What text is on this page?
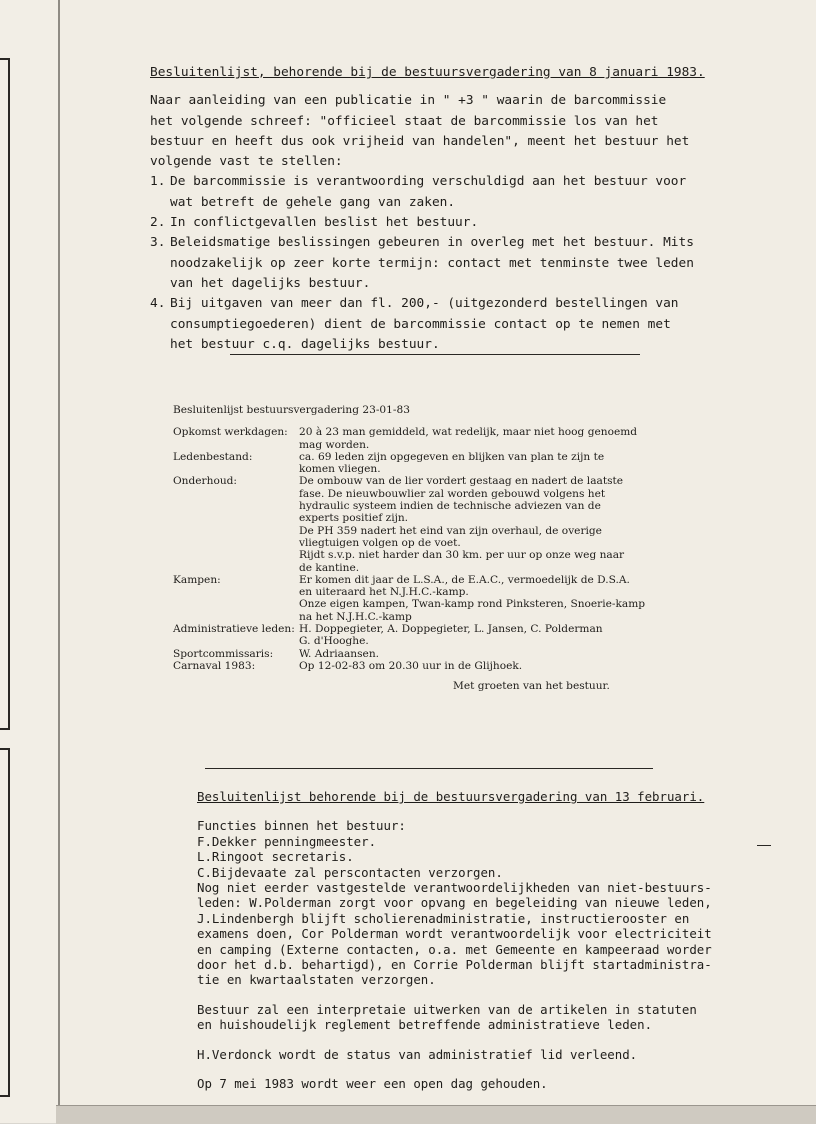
Besluitenlijst, behorende bij de bestuursvergadering van 8 januari 1983.
Naar aanleiding van een publicatie in " +3 " waarin de barcommissie
het volgende schreef: "officieel staat de barcommissie los van het
bestuur en heeft dus ook vrijheid van handelen", meent het bestuur het
volgende vast te stellen:
1. De barcommissie is verantwoording verschuldigd aan het bestuur voor
wat betreft de gehele gang van zaken.
2. In conflictgevallen beslist het bestuur.
3. Beleidsmatige beslissingen gebeuren in overleg met het bestuur. Mits
noodzakelijk op zeer korte termijn: contact met tenminste twee leden
van het dagelijks bestuur.
4. Bij uitgaven van meer dan fl. 200,- (uitgezonderd bestellingen van
consumptiegoederen) dient de barcommissie contact op te nemen met
het bestuur c.q. dagelijks bestuur.
Besluitenlijst bestuursvergadering 23-01-83
Opkomst werkdagen:	20 à 23 man gemiddeld, wat redelijk, maar niet hoog genoemd
mag worden.
Ledenbestand:	ca. 69 leden zijn opgegeven en blijken van plan te zijn te
komen vliegen.
Onderhoud:	De ombouw van de lier vordert gestaag en nadert de laatste
fase. De nieuwbouwlier zal worden gebouwd volgens het
hydraulic systeem indien de technische adviezen van de
experts positief zijn.
De PH 359 nadert het eind van zijn overhaul, de overige
vliegtuigen volgen op de voet.
Rijdt s.v.p. niet harder dan 30 km. per uur op onze weg naar
de kantine.
Kampen:	Er komen dit jaar de L.S.A., de E.A.C., vermoedelijk de D.S.A.
en uiteraard het N.J.H.C.-kamp.
Onze eigen kampen, Twan-kamp rond Pinksteren, Snoerie-kamp
na het N.J.H.C.-kamp
Administratieve leden: H. Doppegieter, A. Doppegieter, L. Jansen, C. Polderman
G. d'Hooghe.
Sportcommissaris:	W. Adriaansen.
Carnaval 1983:	Op 12-02-83 om 20.30 uur in de Glijhoek.
Met groeten van het bestuur.
Besluitenlijst behorende bij de bestuursvergadering van 13 februari.
Functies binnen het bestuur:
F.Dekker penningmeester.
L.Ringoot secretaris.
C.Bijdevaate zal perscontacten verzorgen.
Nog niet eerder vastgestelde verantwoordelijkheden van niet-bestuurs-
leden: W.Polderman zorgt voor opvang en begeleiding van nieuwe leden,
J.Lindenbergh blijft scholierenadministratie, instructierooster en
examens doen, Cor Polderman wordt verantwoordelijk voor electriciteit
en camping (Externe contacten, o.a. met Gemeente en kampeeraad worder
door het d.b. behartigd), en Corrie Polderman blijft startadministra-
tie en kwartaalstaten verzorgen.
Bestuur zal een interpretaie uitwerken van de artikelen in statuten
en huishoudelijk reglement betreffende administratieve leden.
H.Verdonck wordt de status van administratief lid verleend.
Op 7 mei 1983 wordt weer een open dag gehouden.
